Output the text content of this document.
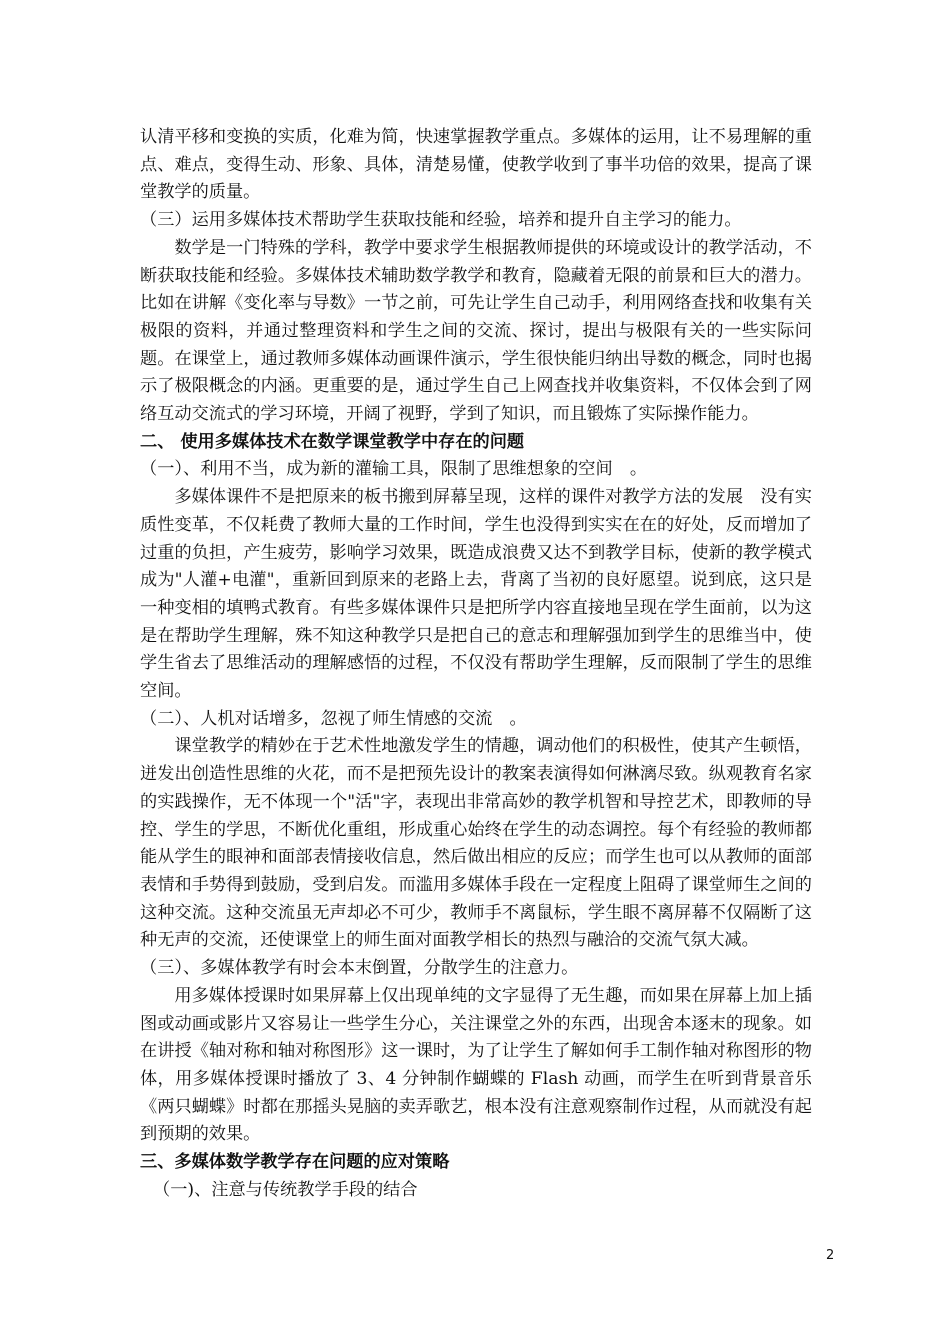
认清平移和变换的实质，化难为简，快速掌握教学重点。多媒体的运用，让不易理解的重点、难点，变得生动、形象、具体，清楚易懂，使教学收到了事半功倍的效果，提高了课堂教学的质量。

（三）运用多媒体技术帮助学生获取技能和经验，培养和提升自主学习的能力。

数学是一门特殊的学科，教学中要求学生根据教师提供的环境或设计的教学活动，不断获取技能和经验。多媒体技术辅助数学教学和教育，隐藏着无限的前景和巨大的潜力。比如在讲解《变化率与导数》一节之前，可先让学生自己动手，利用网络查找和收集有关极限的资料，并通过整理资料和学生之间的交流、探讨，提出与极限有关的一些实际问题。在课堂上，通过教师多媒体动画课件演示，学生很快能归纳出导数的概念，同时也揭示了极限概念的内涵。更重要的是，通过学生自己上网查找并收集资料，不仅体会到了网络互动交流式的学习环境，开阔了视野，学到了知识，而且锻炼了实际操作能力。

二、 使用多媒体技术在数学课堂教学中存在的问题

（一）、利用不当，成为新的灌输工具，限制了思维想象的空间　。

多媒体课件不是把原来的板书搬到屏幕呈现，这样的课件对教学方法的发展　没有实质性变革，不仅耗费了教师大量的工作时间，学生也没得到实实在在的好处，反而增加了过重的负担，产生疲劳，影响学习效果，既造成浪费又达不到教学目标，使新的教学模式成为"人灌+电灌"，重新回到原来的老路上去，背离了当初的良好愿望。说到底，这只是一种变相的填鸭式教育。有些多媒体课件只是把所学内容直接地呈现在学生面前，以为这是在帮助学生理解，殊不知这种教学只是把自己的意志和理解强加到学生的思维当中，使学生省去了思维活动的理解感悟的过程，不仅没有帮助学生理解，反而限制了学生的思维空间。

（二）、人机对话增多，忽视了师生情感的交流　。

课堂教学的精妙在于艺术性地激发学生的情趣，调动他们的积极性，使其产生顿悟，迸发出创造性思维的火花，而不是把预先设计的教案表演得如何淋漓尽致。纵观教育名家的实践操作，无不体现一个"活"字，表现出非常高妙的教学机智和导控艺术，即教师的导控、学生的学思，不断优化重组，形成重心始终在学生的动态调控。每个有经验的教师都能从学生的眼神和面部表情接收信息，然后做出相应的反应；而学生也可以从教师的面部表情和手势得到鼓励，受到启发。而滥用多媒体手段在一定程度上阻碍了课堂师生之间的这种交流。这种交流虽无声却必不可少，教师手不离鼠标，学生眼不离屏幕不仅隔断了这种无声的交流，还使课堂上的师生面对面教学相长的热烈与融洽的交流气氛大减。

（三）、多媒体教学有时会本末倒置，分散学生的注意力。

用多媒体授课时如果屏幕上仅出现单纯的文字显得了无生趣，而如果在屏幕上加上插图或动画或影片又容易让一些学生分心，关注课堂之外的东西，出现舍本逐末的现象。如在讲授《轴对称和轴对称图形》这一课时，为了让学生了解如何手工制作轴对称图形的物体，用多媒体授课时播放了 3、4 分钟制作蝴蝶的 Flash 动画，而学生在听到背景音乐《两只蝴蝶》时都在那摇头晃脑的卖弄歌艺，根本没有注意观察制作过程，从而就没有起到预期的效果。

三、多媒体数学教学存在问题的应对策略

（一)、注意与传统教学手段的结合

2
